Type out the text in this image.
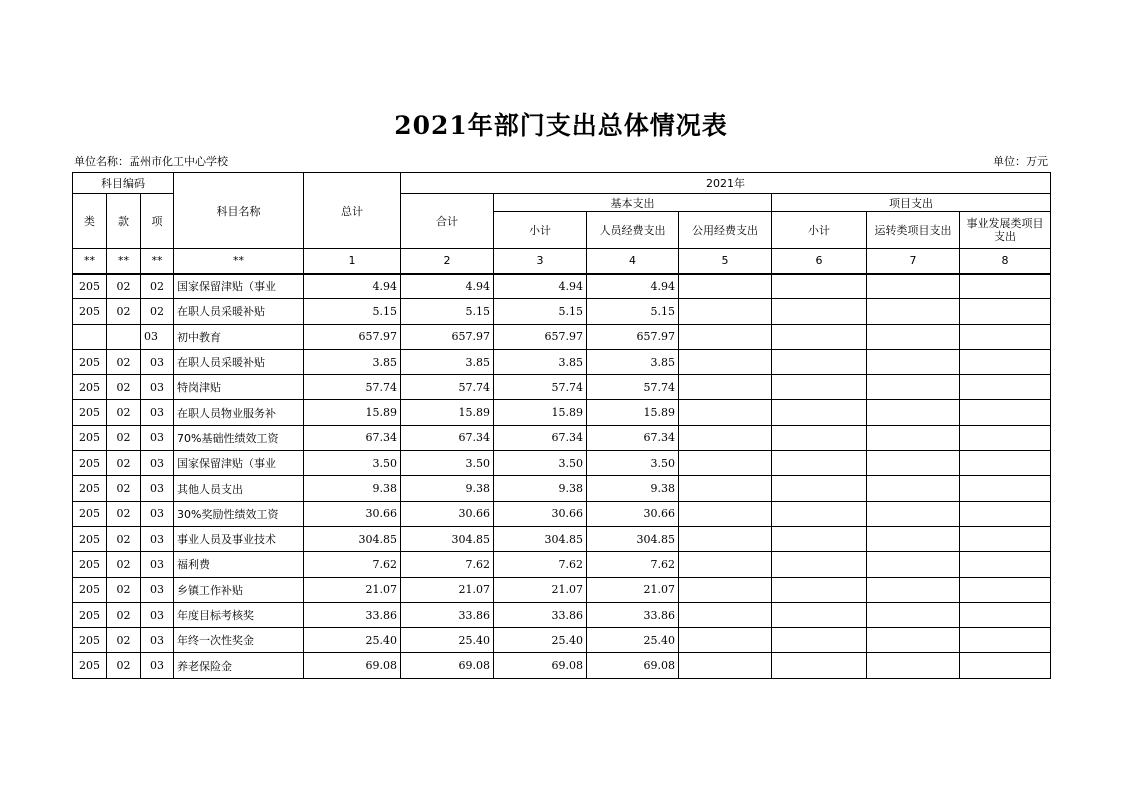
2021年部门支出总体情况表
单位名称：孟州市化工中心学校	单位：万元
科目编码			科目名称	总计	2021年						
类	款	项			合计	基本支出			项目支出		
						小计	人员经费支出	公用经费支出	小计	运转类项目支出	事业发展类项目支出
**	**	**	**	1	2	3	4	5	6	7	8
205	02	02	国家保留津贴（事业	4.94	4.94	4.94	4.94				
205	02	02	在职人员采暖补贴	5.15	5.15	5.15	5.15				
		03	初中教育	657.97	657.97	657.97	657.97				
205	02	03	在职人员采暖补贴	3.85	3.85	3.85	3.85				
205	02	03	特岗津贴	57.74	57.74	57.74	57.74				
205	02	03	在职人员物业服务补	15.89	15.89	15.89	15.89				
205	02	03	70%基础性绩效工资	67.34	67.34	67.34	67.34				
205	02	03	国家保留津贴（事业	3.50	3.50	3.50	3.50				
205	02	03	其他人员支出	9.38	9.38	9.38	9.38				
205	02	03	30%奖励性绩效工资	30.66	30.66	30.66	30.66				
205	02	03	事业人员及事业技术	304.85	304.85	304.85	304.85				
205	02	03	福利费	7.62	7.62	7.62	7.62				
205	02	03	乡镇工作补贴	21.07	21.07	21.07	21.07				
205	02	03	年度目标考核奖	33.86	33.86	33.86	33.86				
205	02	03	年终一次性奖金	25.40	25.40	25.40	25.40				
205	02	03	养老保险金	69.08	69.08	69.08	69.08				
